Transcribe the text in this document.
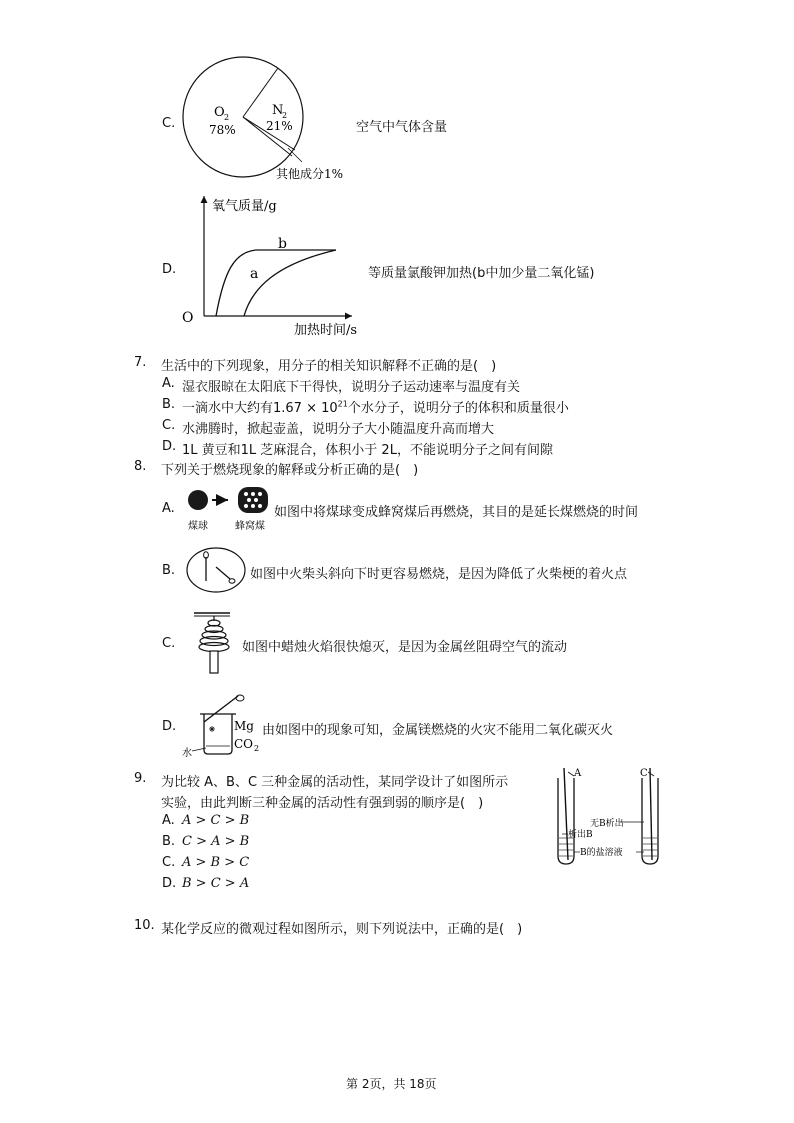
C.
O 2
78%
N
2
21%
其他成分1%
空气中气体含量
D.
氧气质量/g
加热时间/s
O
b
a	等质量氯酸钾加热(b中加少量二氧化锰)
7. 生活中的下列现象，用分子的相关知识解释不正确的是(　)
A. 湿衣服晾在太阳底下干得快，说明分子运动速率与温度有关
B. 一滴水中大约有$1.67 \times 10^{21}$个水分子，说明分子的体积和质量很小
C. 水沸腾时，掀起壶盖，说明分子大小随温度升高而增大
D. 1L 黄豆和1L 芝麻混合，体积小于 2L，不能说明分子之间有间隙
8. 下列关于燃烧现象的解释或分析正确的是(　)
A.
煤球	蜂窝煤
如图中将煤球变成蜂窝煤后再燃烧，其目的是延长煤燃烧的时间
B.	如图中火柴头斜向下时更容易燃烧，是因为降低了火柴梗的着火点
C.	如图中蜡烛火焰很快熄灭，是因为金属丝阻碍空气的流动
D.	Mg
CO 2
水
由如图中的现象可知，金属镁燃烧的火灾不能用二氧化碳灭火
9. 为比较 A、B、C 三种金属的活动性，某同学设计了如图所示
实验，由此判断三种金属的活动性有强到弱的顺序是(　)
A. A > C > B
B. C > A > B
C. A > B > C
D. B > C > A
A	C
无B析出
析出B
B的盐溶液
10. 某化学反应的微观过程如图所示，则下列说法中，正确的是(　)
第 2页，共 18页
